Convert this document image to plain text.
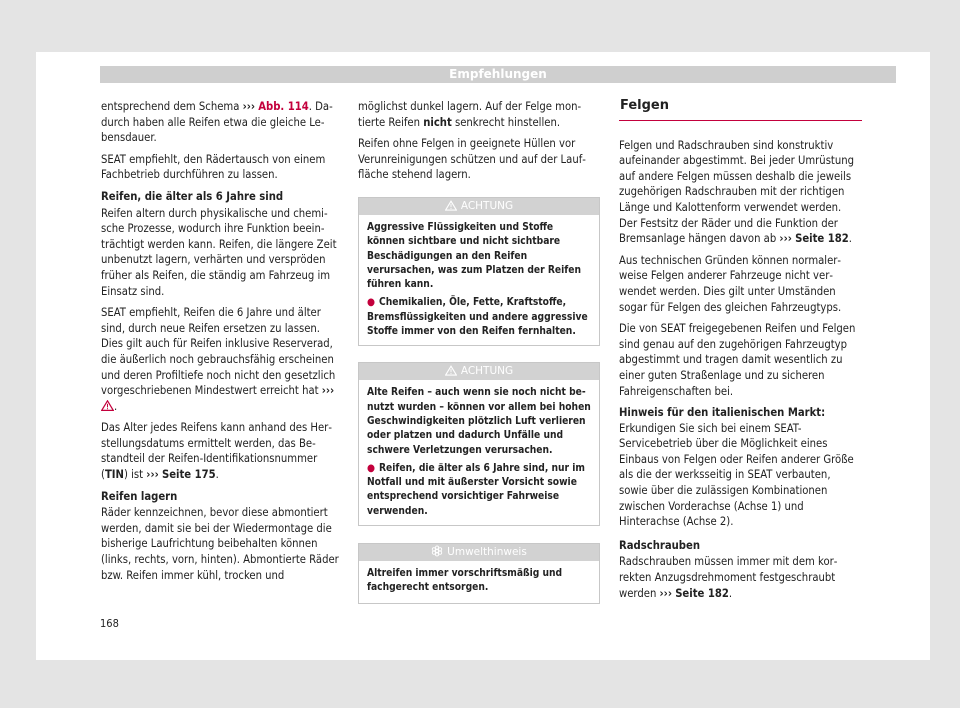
Empfehlungen

entsprechend dem Schema ››› Abb. 114. Dadurch haben alle Reifen etwa die gleiche Lebensdauer.

SEAT empfiehlt, den Rädertausch von einem Fachbetrieb durchführen zu lassen.

Reifen, die älter als 6 Jahre sind

Reifen altern durch physikalische und chemische Prozesse, wodurch ihre Funktion beeinträchtigt werden kann. Reifen, die längere Zeit unbenutzt lagern, verhärten und verspröden früher als Reifen, die ständig am Fahrzeug im Einsatz sind.

SEAT empfiehlt, Reifen die 6 Jahre und älter sind, durch neue Reifen ersetzen zu lassen. Dies gilt auch für Reifen inklusive Reserverad, die äußerlich noch gebrauchsfähig erscheinen und deren Profiltiefe noch nicht den gesetzlich vorgeschriebenen Mindestwert erreicht hat ››› .

Das Alter jedes Reifens kann anhand des Herstellungsdatums ermittelt werden, das Bestandteil der Reifen-Identifikationsnummer (TIN) ist ››› Seite 175.

Reifen lagern

Räder kennzeichnen, bevor diese abmontiert werden, damit sie bei der Wiedermontage die bisherige Laufrichtung beibehalten können (links, rechts, vorn, hinten). Abmontierte Räder bzw. Reifen immer kühl, trocken und

möglichst dunkel lagern. Auf der Felge montierte Reifen nicht senkrecht hinstellen.

Reifen ohne Felgen in geeignete Hüllen vor Verunreinigungen schützen und auf der Lauffläche stehend lagern.

ACHTUNG

Aggressive Flüssigkeiten und Stoffe können sichtbare und nicht sichtbare Beschädigungen an den Reifen verursachen, was zum Platzen der Reifen führen kann.

● Chemikalien, Öle, Fette, Kraftstoffe, Bremsflüssigkeiten und andere aggressive Stoffe immer von den Reifen fernhalten.

ACHTUNG

Alte Reifen – auch wenn sie noch nicht benutzt wurden – können vor allem bei hohen Geschwindigkeiten plötzlich Luft verlieren oder platzen und dadurch Unfälle und schwere Verletzungen verursachen.

● Reifen, die älter als 6 Jahre sind, nur im Notfall und mit äußerster Vorsicht sowie entsprechend vorsichtiger Fahrweise verwenden.

Umwelthinweis

Altreifen immer vorschriftsmäßig und fachgerecht entsorgen.

Felgen

Felgen und Radschrauben sind konstruktiv aufeinander abgestimmt. Bei jeder Umrüstung auf andere Felgen müssen deshalb die jeweils zugehörigen Radschrauben mit der richtigen Länge und Kalottenform verwendet werden. Der Festsitz der Räder und die Funktion der Bremsanlage hängen davon ab ››› Seite 182.

Aus technischen Gründen können normalerweise Felgen anderer Fahrzeuge nicht verwendet werden. Dies gilt unter Umständen sogar für Felgen des gleichen Fahrzeugtyps.

Die von SEAT freigegebenen Reifen und Felgen sind genau auf den zugehörigen Fahrzeugtyp abgestimmt und tragen damit wesentlich zu einer guten Straßenlage und zu sicheren Fahreigenschaften bei.

Hinweis für den italienischen Markt: Erkundigen Sie sich bei einem SEAT-Servicebetrieb über die Möglichkeit eines Einbaus von Felgen oder Reifen anderer Größe als die der werksseitig in SEAT verbauten, sowie über die zulässigen Kombinationen zwischen Vorderachse (Achse 1) und Hinterachse (Achse 2).

Radschrauben

Radschrauben müssen immer mit dem korrekten Anzugsdrehmoment festgeschraubt werden ››› Seite 182.

168
